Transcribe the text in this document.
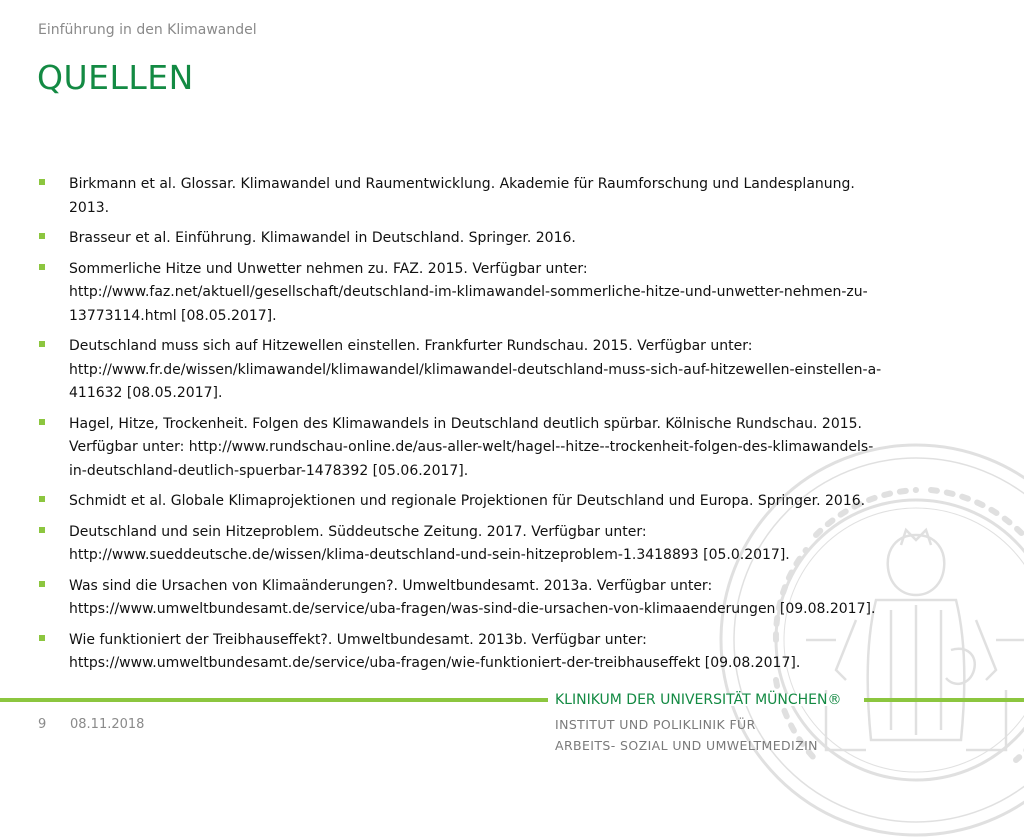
Einführung in den Klimawandel
QUELLEN
Birkmann et al. Glossar. Klimawandel und Raumentwicklung. Akademie für Raumforschung und Landesplanung.
2013.
Brasseur et al. Einführung. Klimawandel in Deutschland. Springer. 2016.
Sommerliche Hitze und Unwetter nehmen zu. FAZ. 2015. Verfügbar unter:
http://www.faz.net/aktuell/gesellschaft/deutschland-im-klimawandel-sommerliche-hitze-und-unwetter-nehmen-zu-
13773114.html [08.05.2017].
Deutschland muss sich auf Hitzewellen einstellen. Frankfurter Rundschau. 2015. Verfügbar unter:
http://www.fr.de/wissen/klimawandel/klimawandel/klimawandel-deutschland-muss-sich-auf-hitzewellen-einstellen-a-
411632 [08.05.2017].
Hagel, Hitze, Trockenheit. Folgen des Klimawandels in Deutschland deutlich spürbar. Kölnische Rundschau. 2015.
Verfügbar unter: http://www.rundschau-online.de/aus-aller-welt/hagel--hitze--trockenheit-folgen-des-klimawandels-
in-deutschland-deutlich-spuerbar-1478392 [05.06.2017].
Schmidt et al. Globale Klimaprojektionen und regionale Projektionen für Deutschland und Europa. Springer. 2016.
Deutschland und sein Hitzeproblem. Süddeutsche Zeitung. 2017. Verfügbar unter:
http://www.sueddeutsche.de/wissen/klima-deutschland-und-sein-hitzeproblem-1.3418893 [05.0.2017].
Was sind die Ursachen von Klimaänderungen?. Umweltbundesamt. 2013a. Verfügbar unter:
https://www.umweltbundesamt.de/service/uba-fragen/was-sind-die-ursachen-von-klimaaenderungen [09.08.2017].
Wie funktioniert der Treibhauseffekt?. Umweltbundesamt. 2013b. Verfügbar unter:
https://www.umweltbundesamt.de/service/uba-fragen/wie-funktioniert-der-treibhauseffekt [09.08.2017].
KLINIKUM DER UNIVERSITÄT MÜNCHEN®
INSTITUT UND POLIKLINIK FÜR
ARBEITS- SOZIAL UND UMWELTMEDIZIN
9 08.11.2018
